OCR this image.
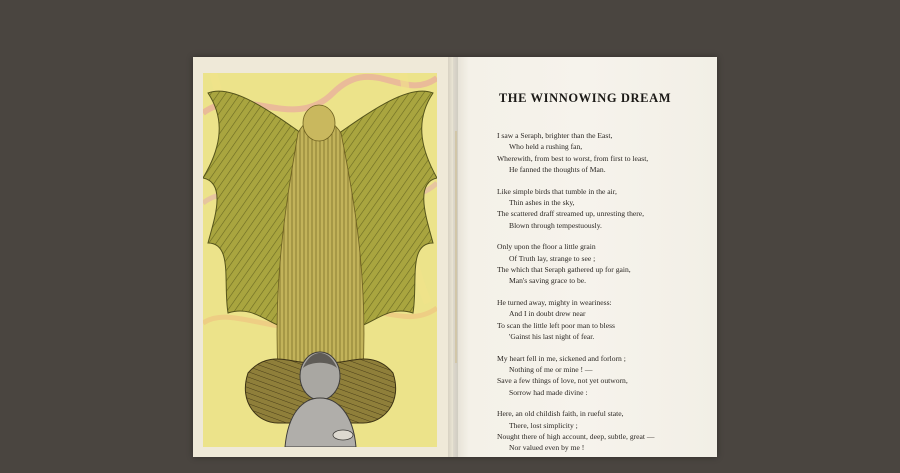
THE WINNOWING DREAM
I saw a Seraph, brighter than the East,
Who held a rushing fan,
Wherewith, from best to worst, from first to least,
He fanned the thoughts of Man.
Like simple birds that tumble in the air,
Thin ashes in the sky,
The scattered draff streamed up, unresting there,
Blown through tempestuously.
Only upon the floor a little grain
Of Truth lay, strange to see ;
The which that Seraph gathered up for gain,
Man's saving grace to be.
He turned away, mighty in weariness:
And I in doubt drew near
To scan the little left poor man to bless
'Gainst his last night of fear.
My heart fell in me, sickened and forlorn ;
Nothing of me or mine ! —
Save a few things of love, not yet outworn,
Sorrow had made divine :
Here, an old childish faith, in rueful state,
There, lost simplicity ;
Nought there of high account, deep, subtle, great —
Nor valued even by me !
